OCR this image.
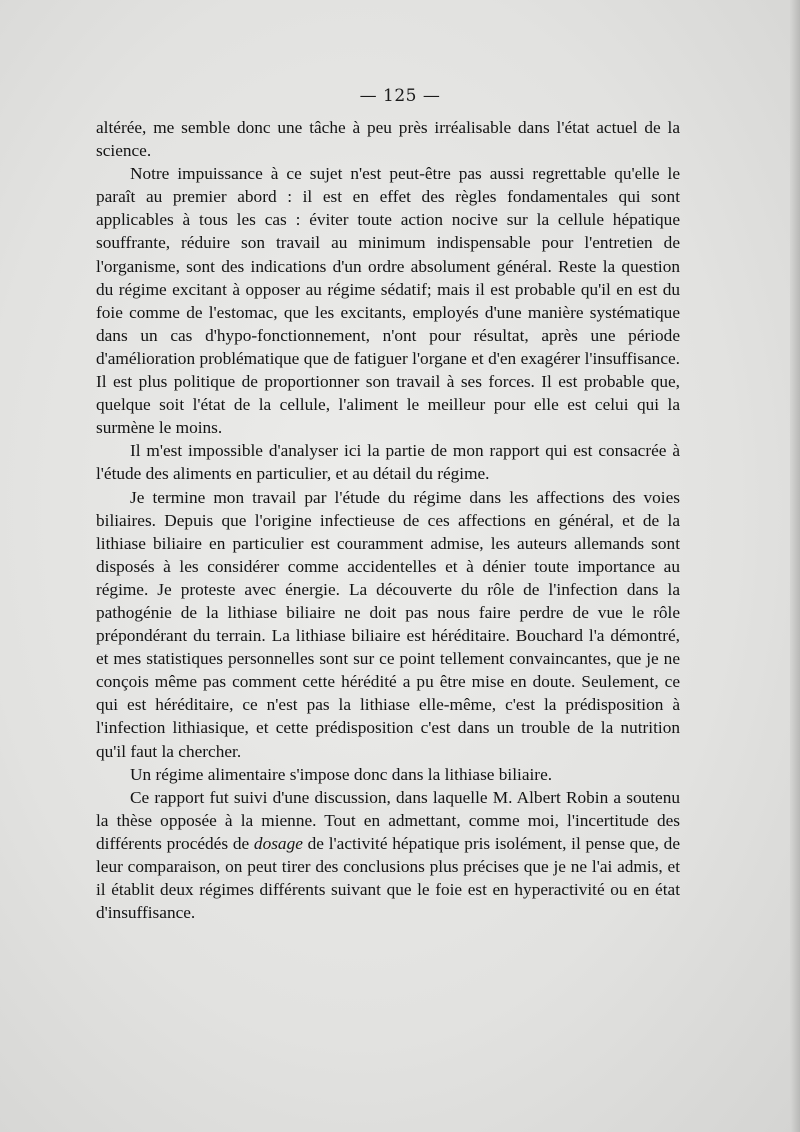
— 125 —

altérée, me semble donc une tâche à peu près irréalisable dans l'état actuel de la science.

Notre impuissance à ce sujet n'est peut-être pas aussi regrettable qu'elle le paraît au premier abord : il est en effet des règles fondamentales qui sont applicables à tous les cas : éviter toute action nocive sur la cellule hépatique souffrante, réduire son travail au minimum indispensable pour l'entretien de l'organisme, sont des indications d'un ordre absolument général. Reste la question du régime excitant à opposer au régime sédatif; mais il est probable qu'il en est du foie comme de l'estomac, que les excitants, employés d'une manière systématique dans un cas d'hypo-fonctionnement, n'ont pour résultat, après une période d'amélioration problématique que de fatiguer l'organe et d'en exagérer l'insuffisance. Il est plus politique de proportionner son travail à ses forces. Il est probable que, quelque soit l'état de la cellule, l'aliment le meilleur pour elle est celui qui la surmène le moins.

Il m'est impossible d'analyser ici la partie de mon rapport qui est consacrée à l'étude des aliments en particulier, et au détail du régime.

Je termine mon travail par l'étude du régime dans les affections des voies biliaires. Depuis que l'origine infectieuse de ces affections en général, et de la lithiase biliaire en particulier est couramment admise, les auteurs allemands sont disposés à les considérer comme accidentelles et à dénier toute importance au régime. Je proteste avec énergie. La découverte du rôle de l'infection dans la pathogénie de la lithiase biliaire ne doit pas nous faire perdre de vue le rôle prépondérant du terrain. La lithiase biliaire est héréditaire. Bouchard l'a démontré, et mes statistiques personnelles sont sur ce point tellement convaincantes, que je ne conçois même pas comment cette hérédité a pu être mise en doute. Seulement, ce qui est héréditaire, ce n'est pas la lithiase elle-même, c'est la prédisposition à l'infection lithiasique, et cette prédisposition c'est dans un trouble de la nutrition qu'il faut la chercher.

Un régime alimentaire s'impose donc dans la lithiase biliaire.

Ce rapport fut suivi d'une discussion, dans laquelle M. Albert Robin a soutenu la thèse opposée à la mienne. Tout en admettant, comme moi, l'incertitude des différents procédés de dosage de l'activité hépatique pris isolément, il pense que, de leur comparaison, on peut tirer des conclusions plus précises que je ne l'ai admis, et il établit deux régimes différents suivant que le foie est en hyperactivité ou en état d'insuffisance.
